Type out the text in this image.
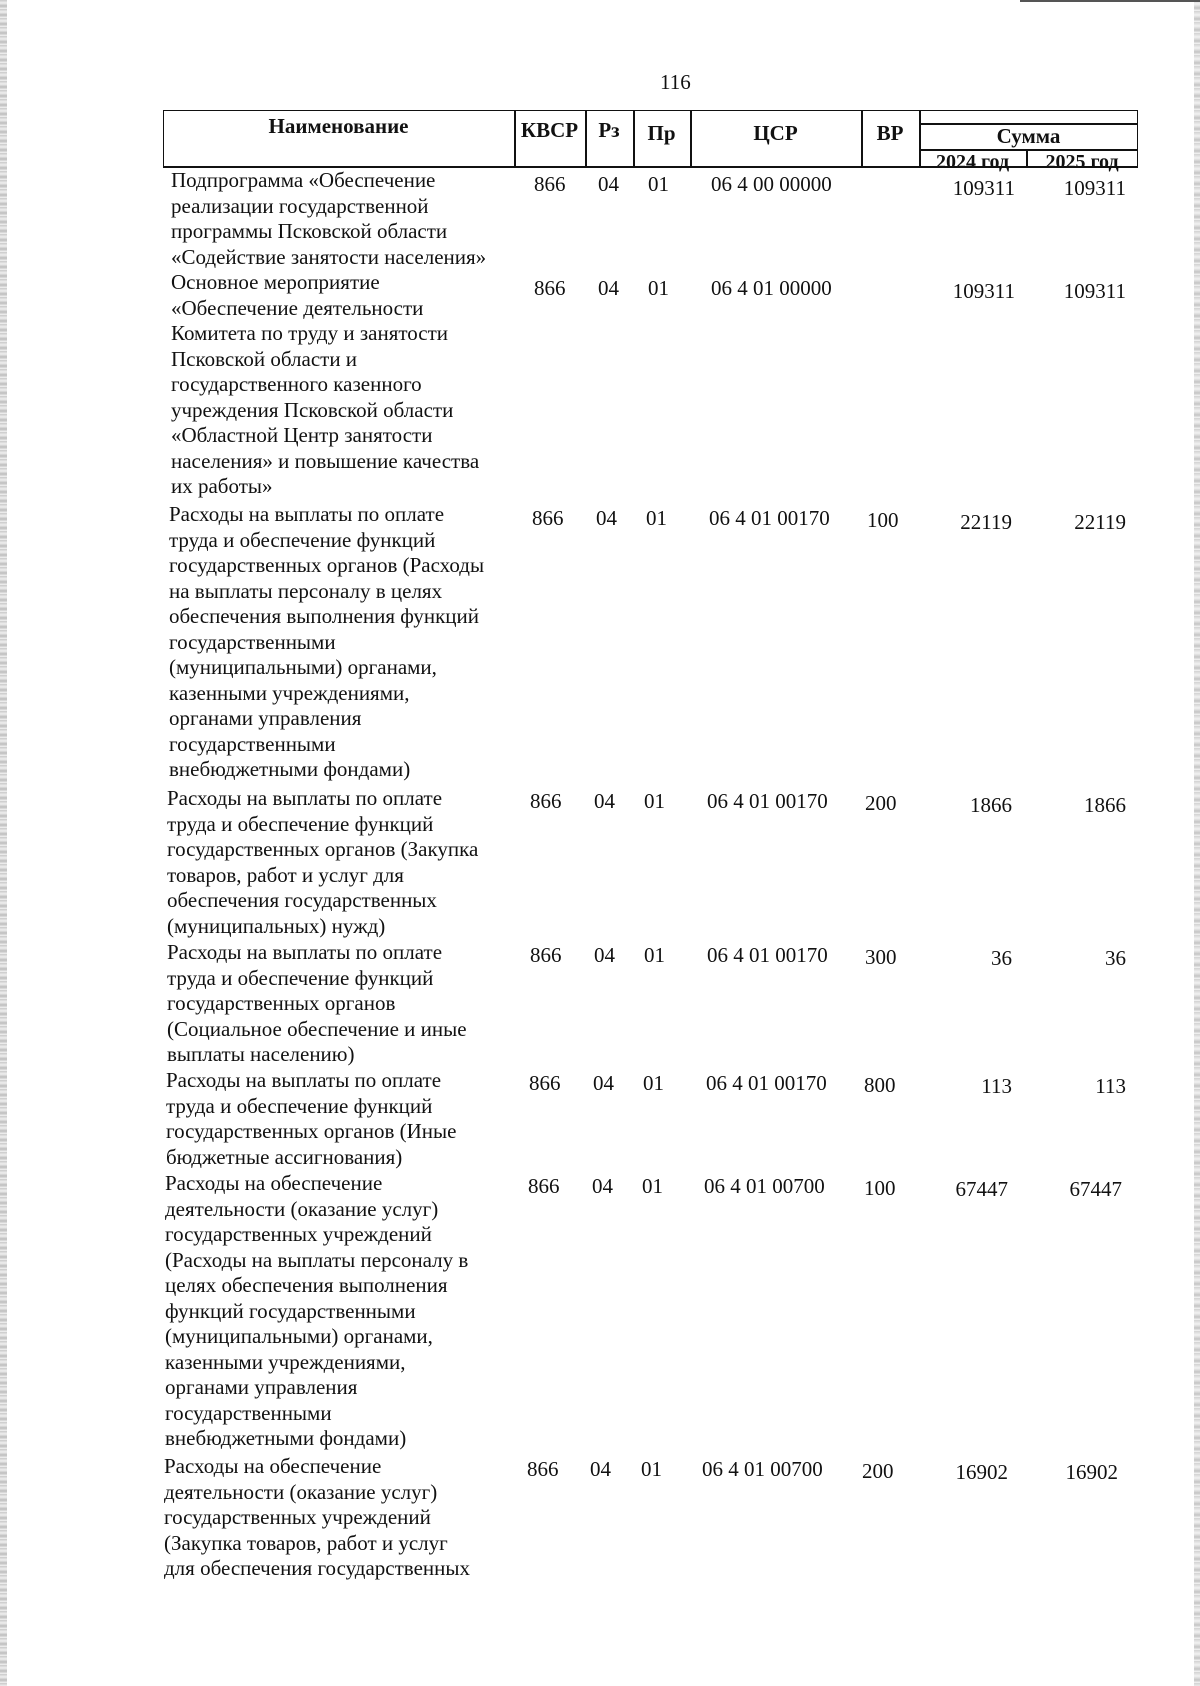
116
Наименование	КВСР Рз	Пр	ЦСР	ВР	Сумма
2024 год	2025 год
Подпрограмма «Обеспечение
реализации государственной
программы Псковской области
«Содействие занятости населения»
866 04 01 06 4 00 00000	109311	109311
Основное мероприятие
«Обеспечение деятельности
Комитета по труду и занятости
Псковской области и
государственного казенного
учреждения Псковской области
«Областной Центр занятости
населения» и повышение качества
их работы»
866 04 01 06 4 01 00000	109311	109311
Расходы на выплаты по оплате
труда и обеспечение функций
государственных органов (Расходы
на выплаты персоналу в целях
обеспечения выполнения функций
государственными
(муниципальными) органами,
казенными учреждениями,
органами управления
государственными
внебюджетными фондами)
866 04 01 06 4 01 00170 100	22119	22119
Расходы на выплаты по оплате
труда и обеспечение функций
государственных органов (Закупка
товаров, работ и услуг для
обеспечения государственных
(муниципальных) нужд)
866 04 01 06 4 01 00170 200	1866	1866
Расходы на выплаты по оплате
труда и обеспечение функций
государственных органов
(Социальное обеспечение и иные
выплаты населению)
866 04 01 06 4 01 00170 300	36	36
Расходы на выплаты по оплате
труда и обеспечение функций
государственных органов (Иные
бюджетные ассигнования)
866 04 01 06 4 01 00170 800	113	113
Расходы на обеспечение
деятельности (оказание услуг)
государственных учреждений
(Расходы на выплаты персоналу в
целях обеспечения выполнения
функций государственными
(муниципальными) органами,
казенными учреждениями,
органами управления
государственными
внебюджетными фондами)
866 04 01 06 4 01 00700 100	67447	67447
Расходы на обеспечение
деятельности (оказание услуг)
государственных учреждений
(Закупка товаров, работ и услуг
для обеспечения государственных
866 04 01 06 4 01 00700 200	16902	16902
